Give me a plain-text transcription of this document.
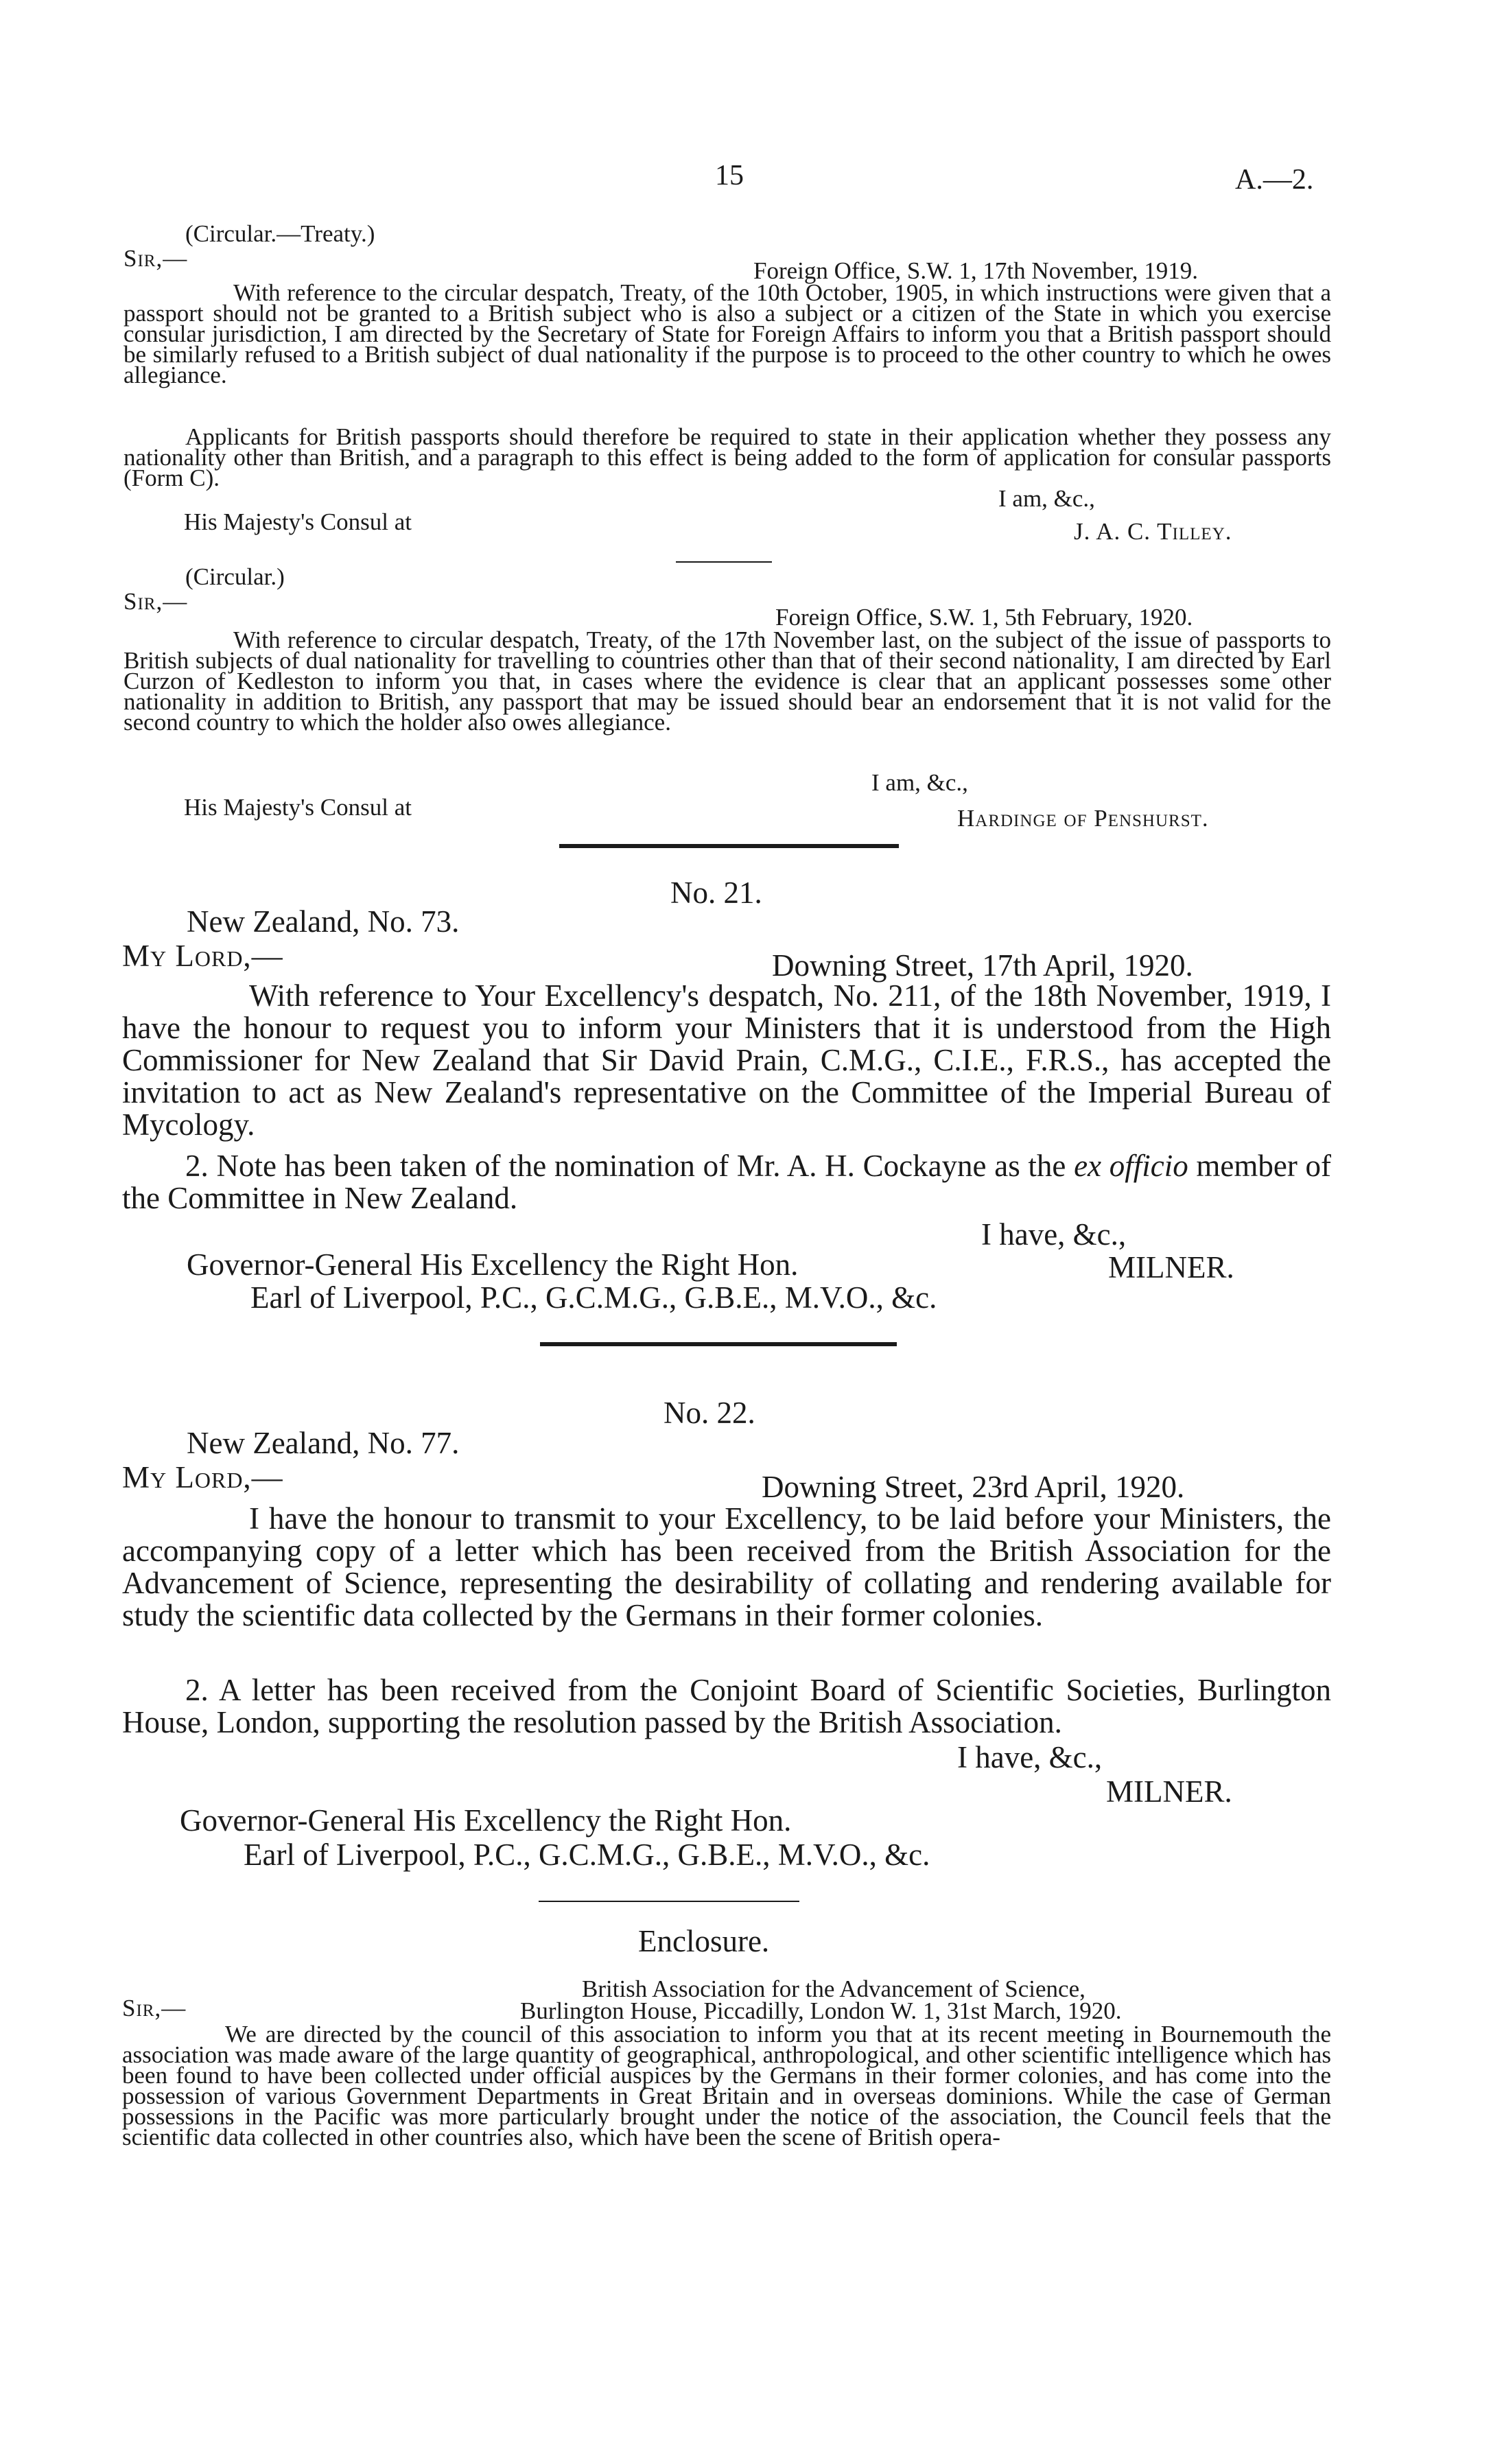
15	A.—2.
(Circular.—Treaty.)
Sir,—	Foreign Office, S.W. 1, 17th November, 1919.
With reference to the circular despatch, Treaty, of the 10th October, 1905, in which instructions were given that a passport should not be granted to a British subject who is also a subject or a citizen of the State in which you exercise consular jurisdiction, I am directed by the Secretary of State for Foreign Affairs to inform you that a British passport should be similarly refused to a British subject of dual nationality if the purpose is to proceed to the other country to which he owes allegiance.
Applicants for British passports should therefore be required to state in their application whether they possess any nationality other than British, and a paragraph to this effect is being added to the form of application for consular passports (Form C).
I am, &c.,
His Majesty's Consul at	J. A. C. Tilley.
(Circular.)
Sir,—
Foreign Office, S.W. 1, 5th February, 1920.
With reference to circular despatch, Treaty, of the 17th November last, on the subject of the issue of passports to British subjects of dual nationality for travelling to countries other than that of their second nationality, I am directed by Earl Curzon of Kedleston to inform you that, in cases where the evidence is clear that an applicant possesses some other nationality in addition to British, any passport that may be issued should bear an endorsement that it is not valid for the second country to which the holder also owes allegiance.
I am, &c.,
His Majesty's Consul at	Hardinge of Penshurst.
No. 21.
New Zealand, No. 73.
My Lord,—	Downing Street, 17th April, 1920.
With reference to Your Excellency's despatch, No. 211, of the 18th November, 1919, I have the honour to request you to inform your Ministers that it is understood from the High Commissioner for New Zealand that Sir David Prain, C.M.G., C.I.E., F.R.S., has accepted the invitation to act as New Zealand's representative on the Committee of the Imperial Bureau of Mycology.
2. Note has been taken of the nomination of Mr. A. H. Cockayne as the ex officio member of the Committee in New Zealand.
I have, &c.,
Governor-General His Excellency the Right Hon.	MILNER.
Earl of Liverpool, P.C., G.C.M.G., G.B.E., M.V.O., &c.
No. 22.
New Zealand, No. 77.
My Lord,—	Downing Street, 23rd April, 1920.
I have the honour to transmit to your Excellency, to be laid before your Ministers, the accompanying copy of a letter which has been received from the British Association for the Advancement of Science, representing the desirability of collating and rendering available for study the scientific data collected by the Germans in their former colonies.
2. A letter has been received from the Conjoint Board of Scientific Societies, Burlington House, London, supporting the resolution passed by the British Association.
I have, &c.,
MILNER.
Governor-General His Excellency the Right Hon.
Earl of Liverpool, P.C., G.C.M.G., G.B.E., M.V.O., &c.
Enclosure.
British Association for the Advancement of Science,
Sir,—	Burlington House, Piccadilly, London W. 1, 31st March, 1920.
We are directed by the council of this association to inform you that at its recent meeting in Bournemouth the association was made aware of the large quantity of geographical, anthropological, and other scientific intelligence which has been found to have been collected under official auspices by the Germans in their former colonies, and has come into the possession of various Government Departments in Great Britain and in overseas dominions. While the case of German possessions in the Pacific was more particularly brought under the notice of the association, the Council feels that the scientific data collected in other countries also, which have been the scene of British opera-
